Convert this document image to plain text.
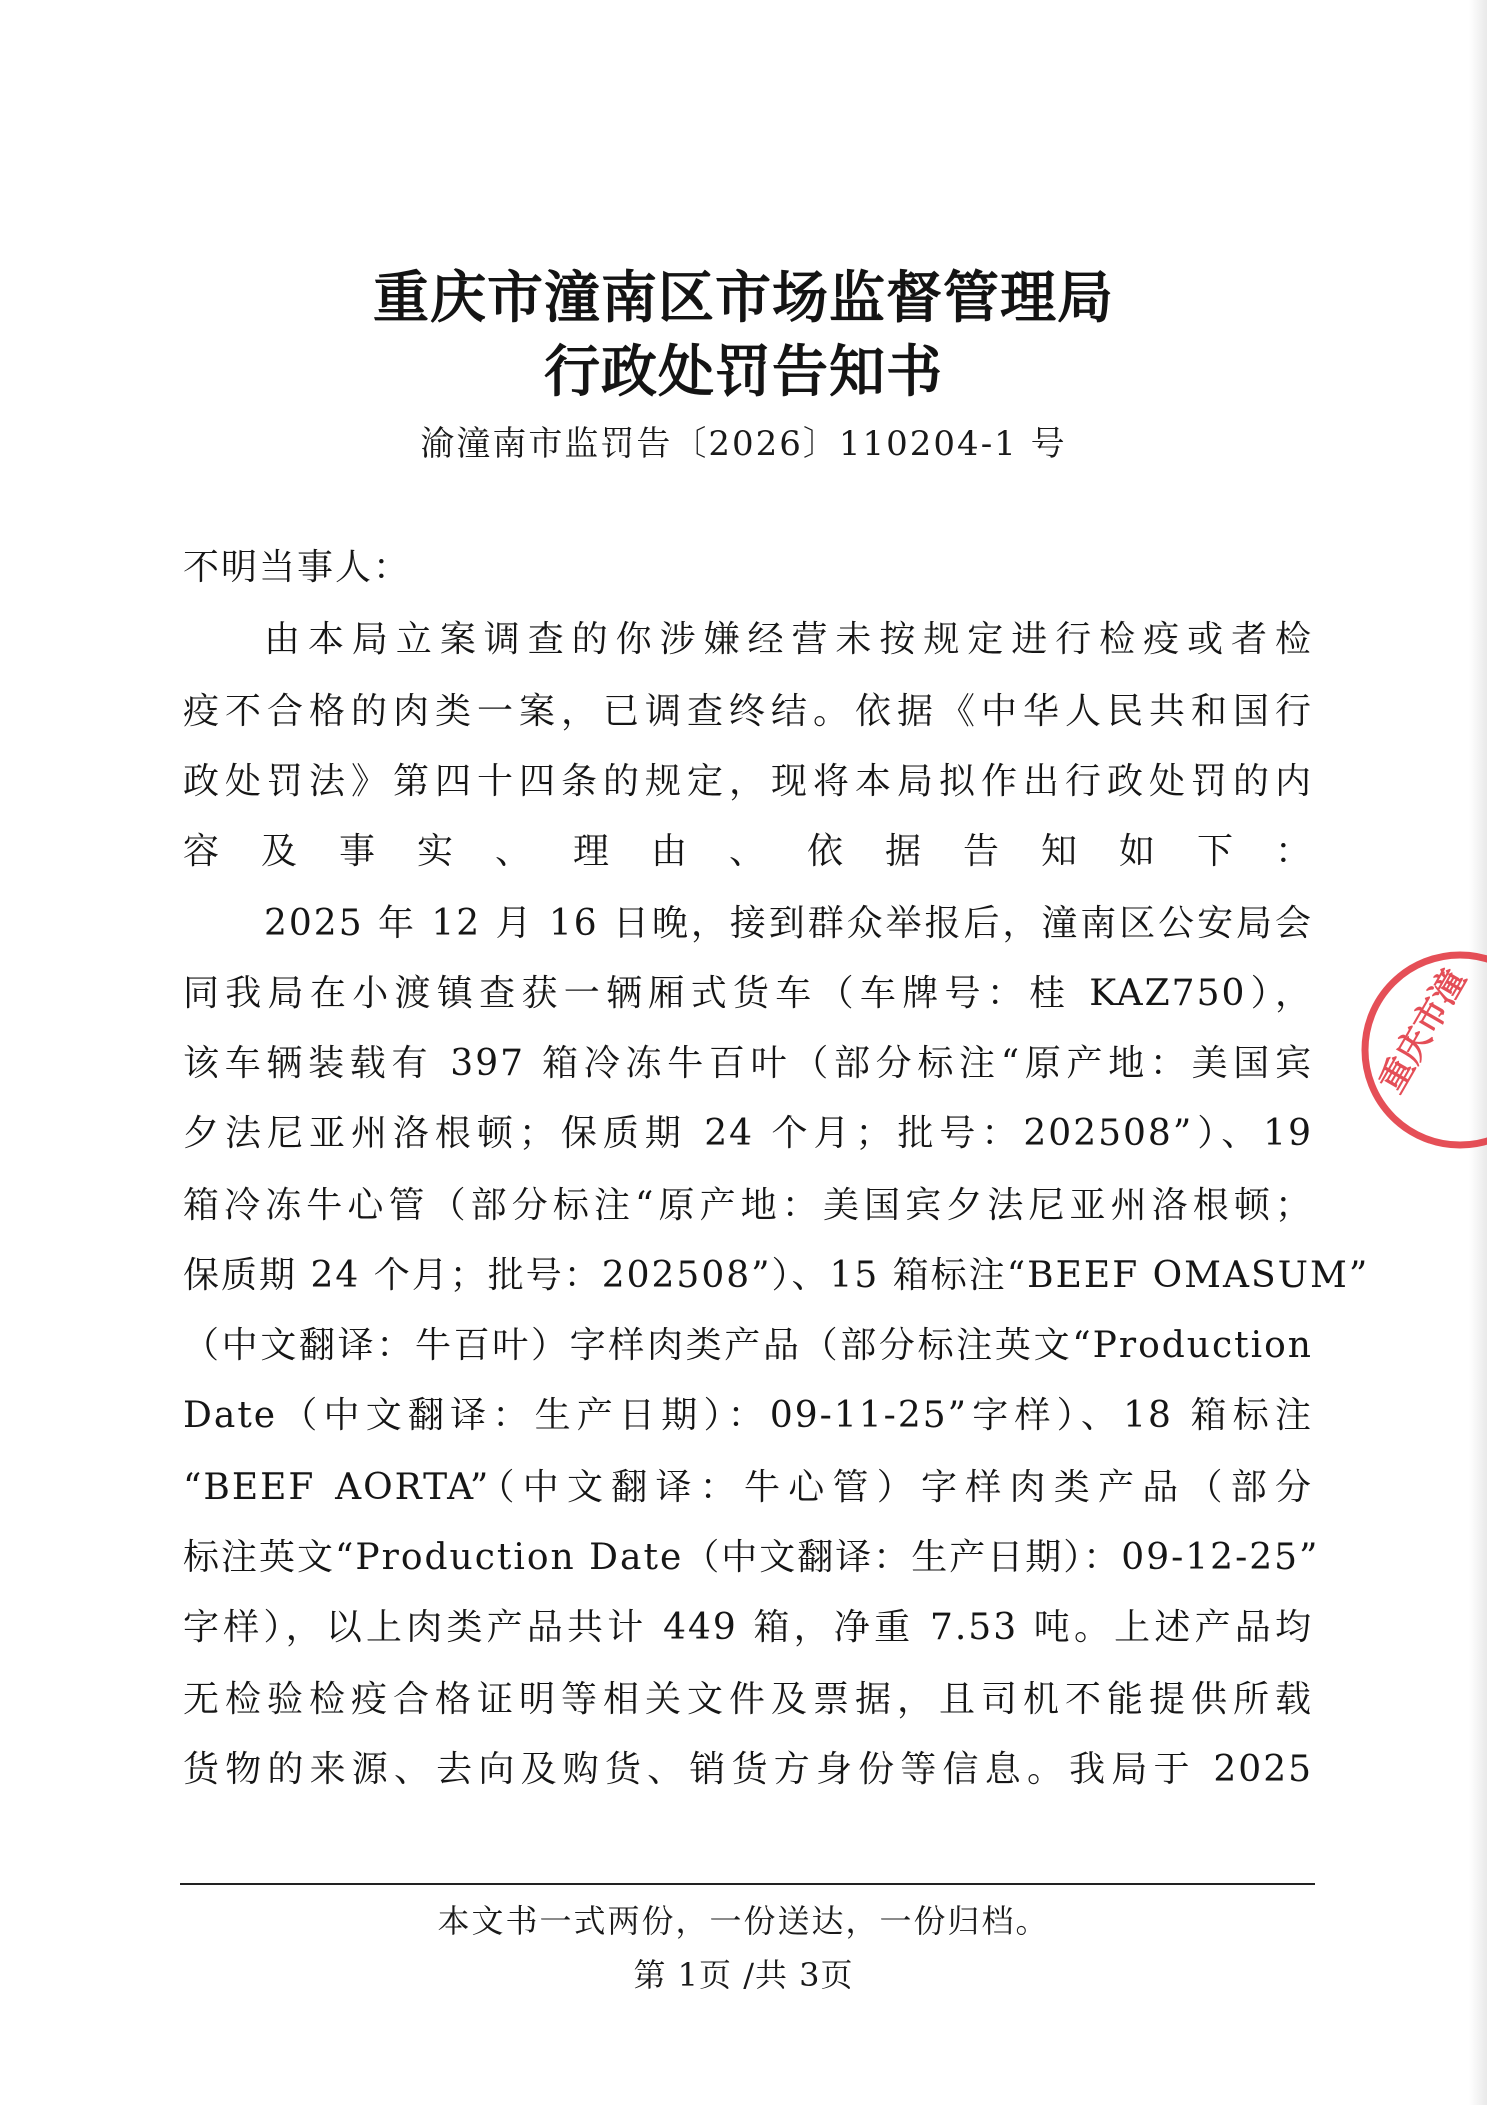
重庆市潼南区市场监督管理局
行政处罚告知书
渝潼南市监罚告〔2026〕110204-1 号
不明当事人：
由本局立案调查的你涉嫌经营未按规定进行检疫或者检
疫不合格的肉类一案，已调查终结。依据《中华人民共和国行
政处罚法》第四十四条的规定，现将本局拟作出行政处罚的内
容及事实、理由、依据告知如下：
2025 年 12 月 16 日晚，接到群众举报后，潼南区公安局会
同我局在小渡镇查获一辆厢式货车（车牌号：桂 KAZ750），
该车辆装载有 397 箱冷冻牛百叶（部分标注“原产地：美国宾
夕法尼亚州洛根顿；保质期 24 个月；批号：202508”）、19
箱冷冻牛心管（部分标注“原产地：美国宾夕法尼亚州洛根顿；
保质期 24 个月；批号：202508”）、15 箱标注“BEEF OMASUM”
（中文翻译：牛百叶）字样肉类产品（部分标注英文“Production
Date（中文翻译：生产日期）：09-11-25”字样）、18 箱标注
“BEEF AORTA”（中文翻译：牛心管）字样肉类产品（部分
标注英文“Production Date（中文翻译：生产日期）：09-12-25”
字样），以上肉类产品共计 449 箱，净重 7.53 吨。上述产品均
无检验检疫合格证明等相关文件及票据，且司机不能提供所载
货物的来源、去向及购货、销货方身份等信息。我局于 2025
重庆市潼
本文书一式两份，一份送达，一份归档。
第 1页 /共 3页
